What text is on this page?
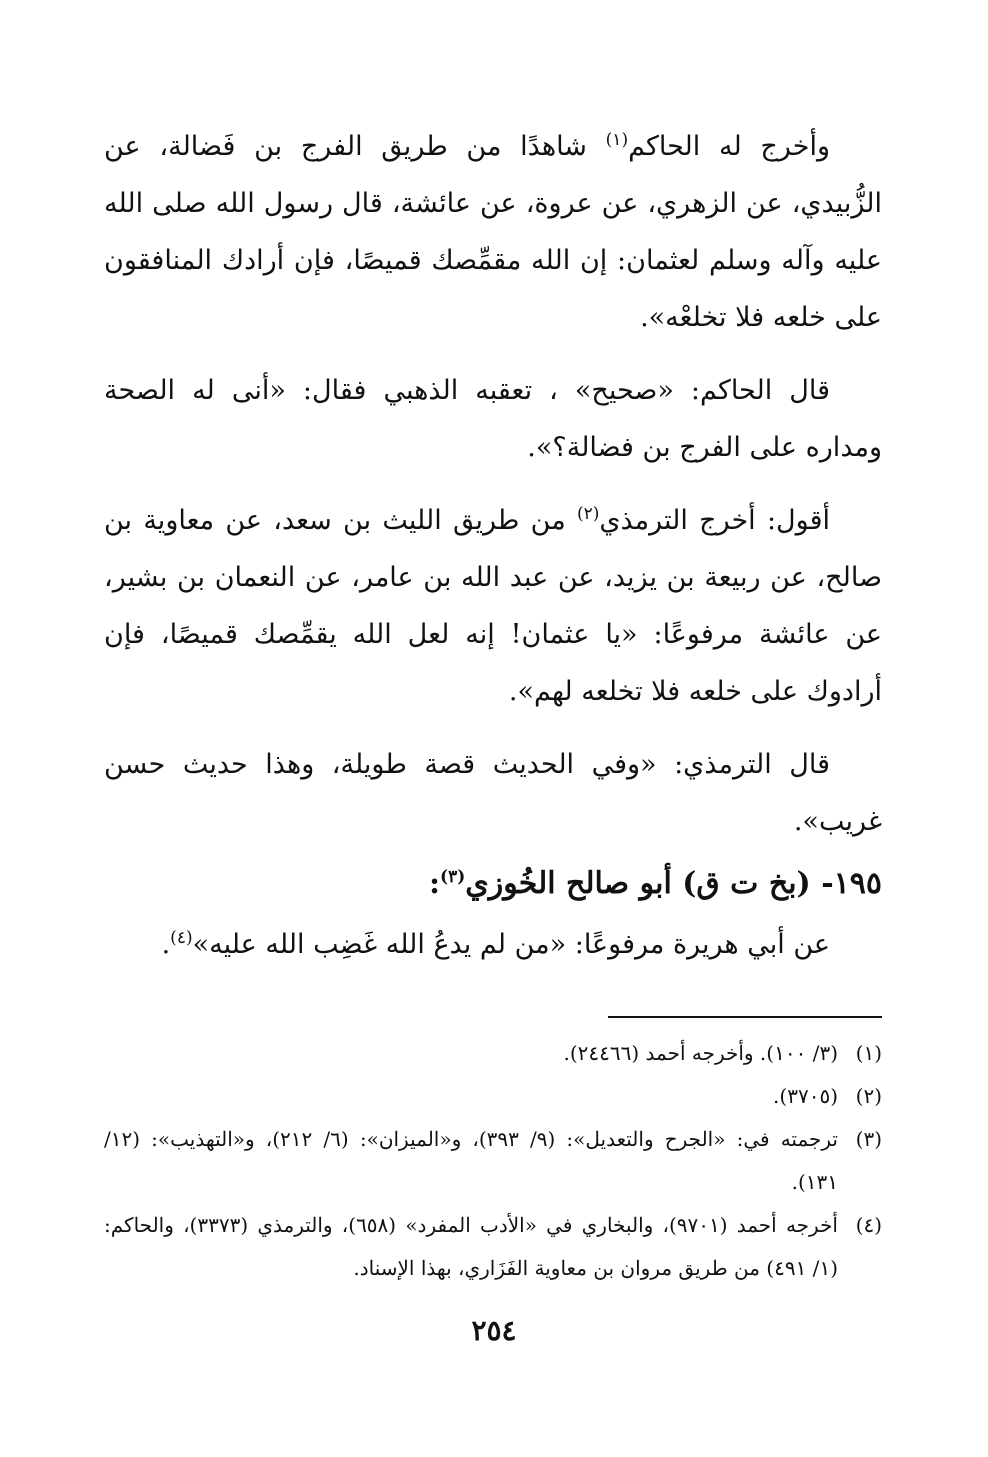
وأخرج له الحاكم$^{(١)}$ شاهدًا من طريق الفرج بن فَضالة، عن الزُّبيدي، عن الزهري، عن عروة، عن عائشة، قال رسول الله صلى الله عليه وآله وسلم لعثمان: إن الله مقمِّصك قميصًا، فإن أرادك المنافقون على خلعه فلا تخلعْه».

قال الحاكم: «صحيح» ، تعقبه الذهبي فقال: «أنى له الصحة ومداره على الفرج بن فضالة؟».

أقول: أخرج الترمذي$^{(٢)}$ من طريق الليث بن سعد، عن معاوية بن صالح، عن ربيعة بن يزيد، عن عبد الله بن عامر، عن النعمان بن بشير، عن عائشة مرفوعًا: «يا عثمان! إنه لعل الله يقمِّصك قميصًا، فإن أرادوك على خلعه فلا تخلعه لهم».

قال الترمذي: «وفي الحديث قصة طويلة، وهذا حديث حسن غريب».

١٩٥- (بخ ت ق) أبو صالح الخُوزي$^{(٣)}$:

عن أبي هريرة مرفوعًا: «من لم يدعُ الله غَضِب الله عليه»$^{(٤)}$.

(١)
(٣/ ١٠٠). وأخرجه أحمد (٢٤٤٦٦).
(٢)
(٣٧٠٥).
(٣)
ترجمته في: «الجرح والتعديل»: (٩/ ٣٩٣)، و«الميزان»: (٦/ ٢١٢)، و«التهذيب»: (١٢/ ١٣١).
(٤)
أخرجه أحمد (٩٧٠١)، والبخاري في «الأدب المفرد» (٦٥٨)، والترمذي (٣٣٧٣)، والحاكم: (١/ ٤٩١) من طريق مروان بن معاوية الفَزَاري، بهذا الإسناد.
٢٥٤
